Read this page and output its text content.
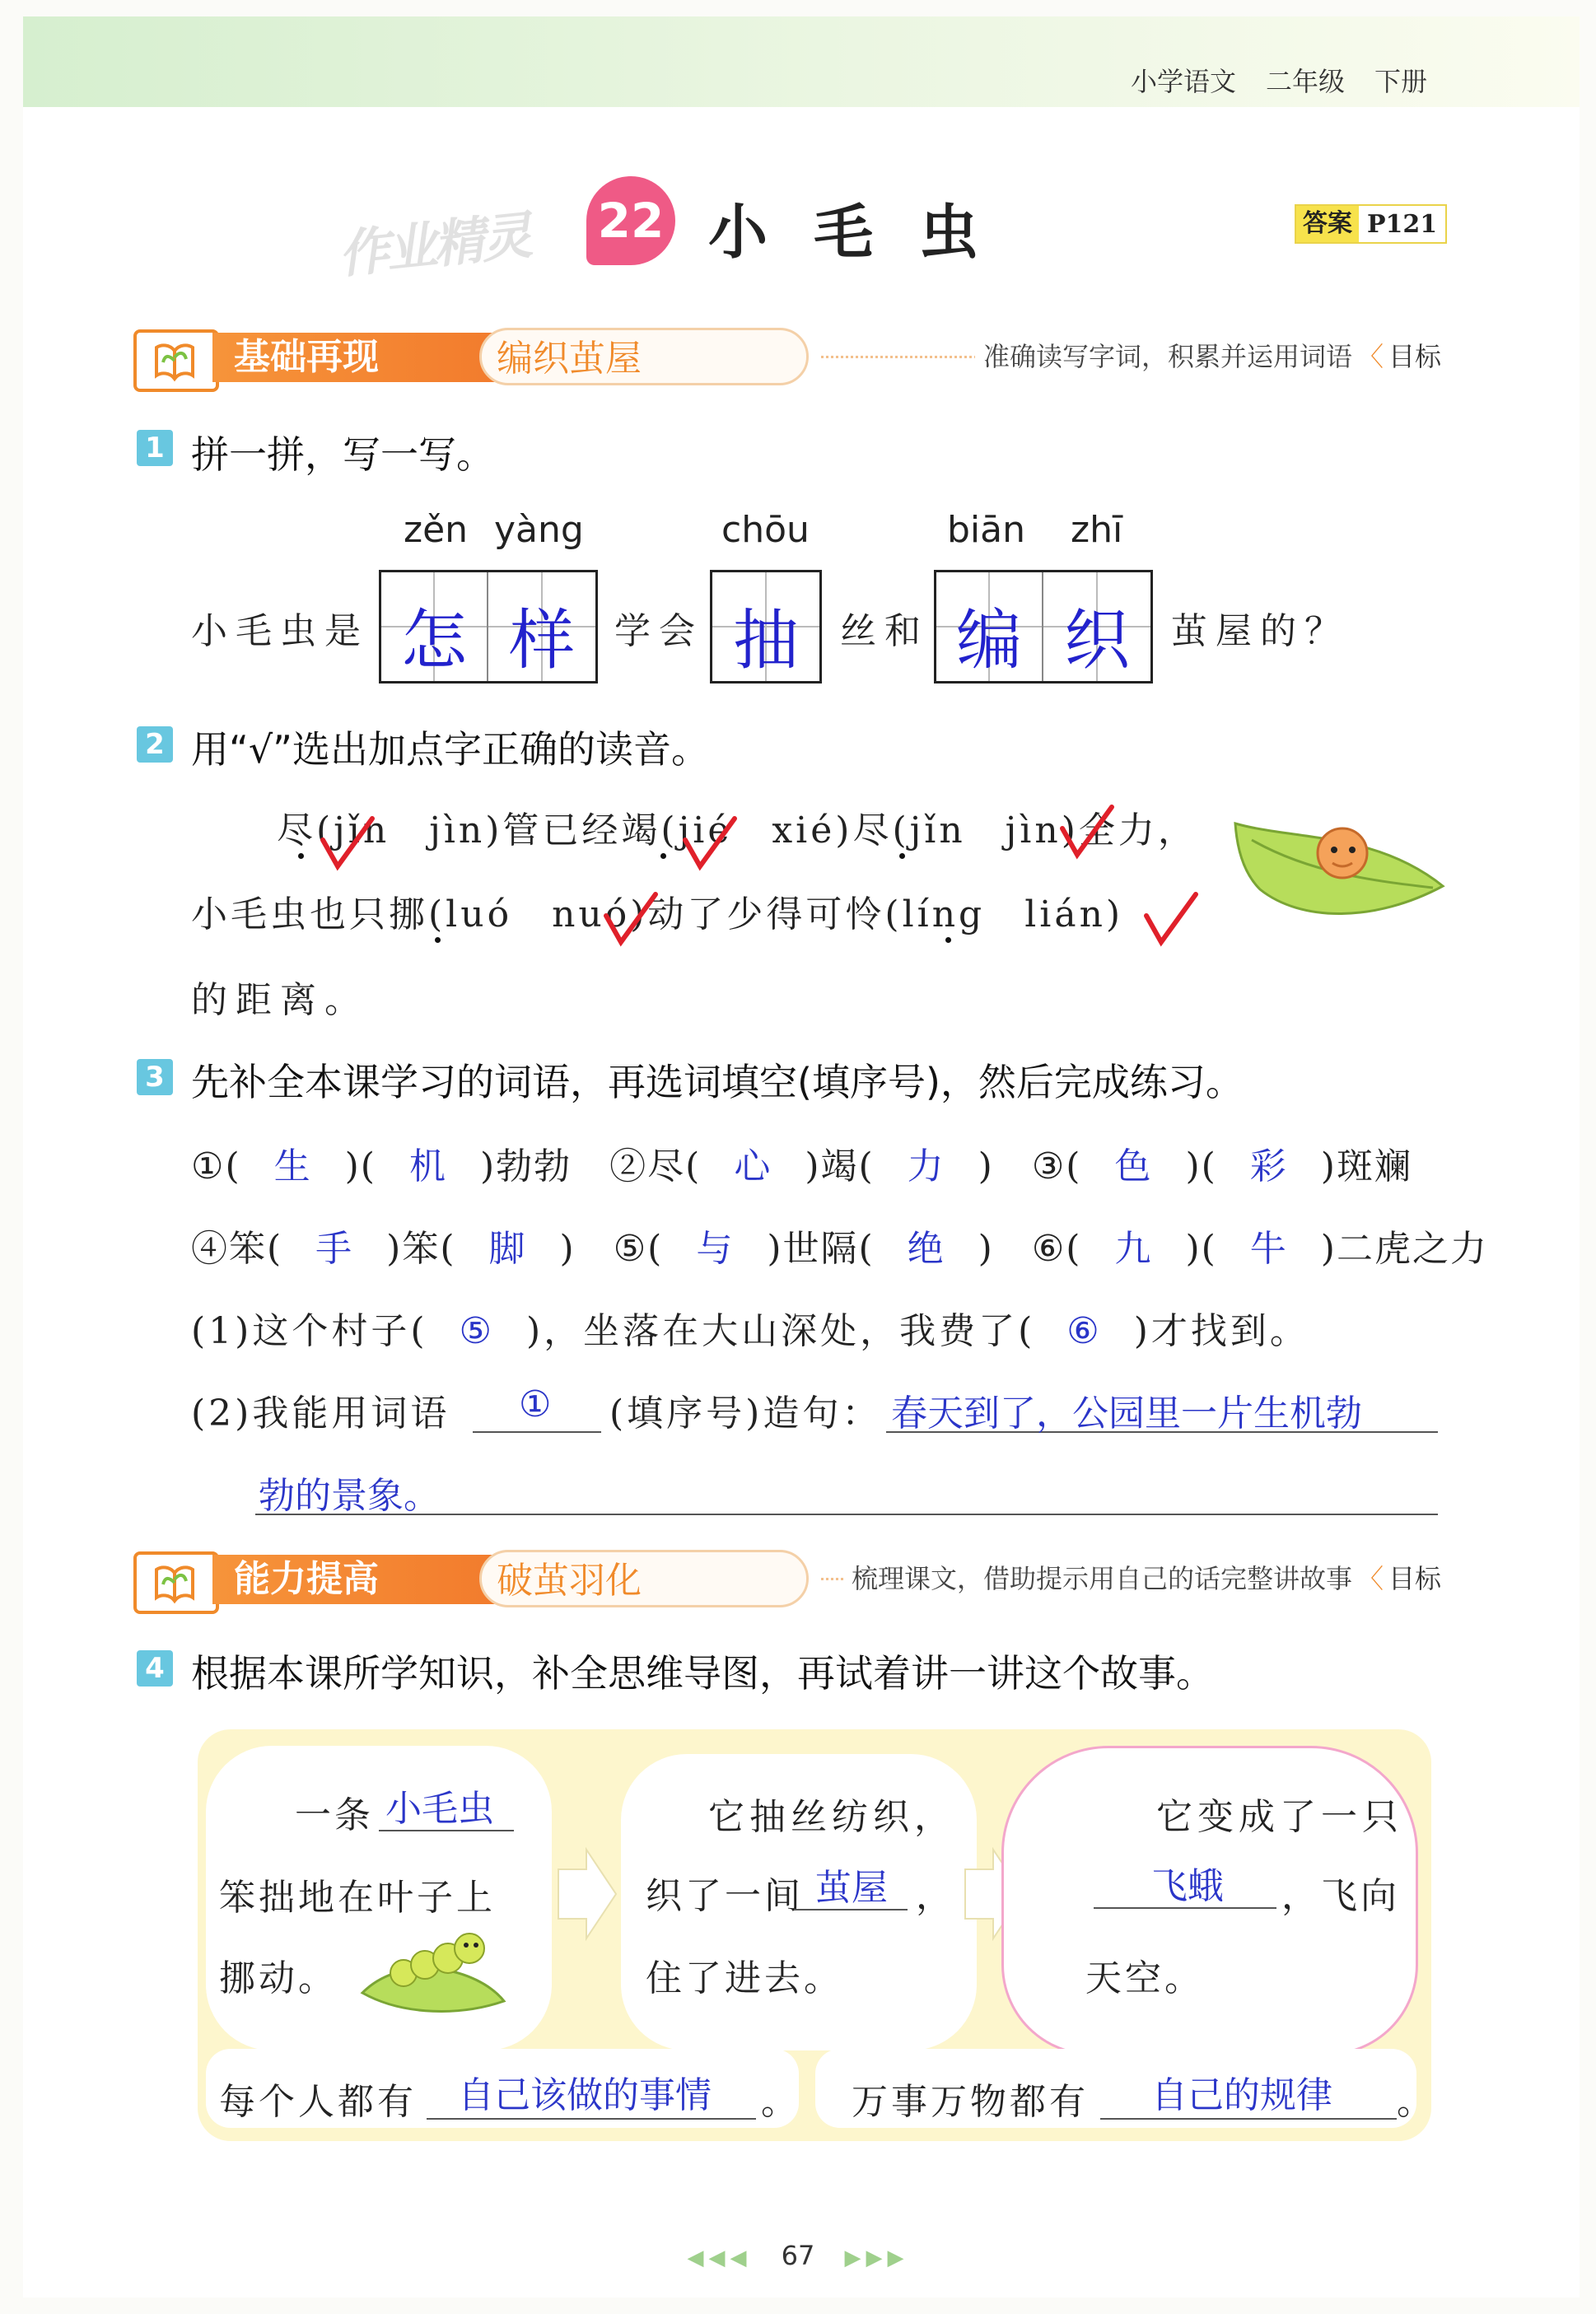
小学语文 二年级 下册
作业精灵 22 小毛虫	答案 P121
基础再现	编织茧屋	准确读写字词，积累并运用词语 〈 目标
1 拼一拼，写一写。
zěn yàng	chōu	biān zhī
小毛虫是 怎 样	学会 抽	丝和 编 织	茧屋的？
2 用“√”选出加点字正确的读音。
尽(jǐn　jìn)管已经竭(jié　xié)尽(jǐn　jìn)全力，
小毛虫也只挪(luó　nuó)动了少得可怜(líng　lián)
的距离。
3 先补全本课学习的词语，再选词填空(填序号)，然后完成练习。
①( 生 )( 机 )勃勃 ②尽( 心 )竭( 力 ) ③( 色 )( 彩 )斑斓
④笨( 手 )笨( 脚 ) ⑤( 与 )世隔( 绝 ) ⑥( 九 )( 牛 )二虎之力
(1)这个村子( ⑤ )，坐落在大山深处，我费了( ⑥ )才找到。
(2)我能用词语 ① (填序号)造句： 春天到了，公园里一片生机勃
勃的景象。
能力提高	破茧羽化	梳理课文，借助提示用自己的话完整讲故事 〈 目标
4 根据本课所学知识，补全思维导图，再试着讲一讲这个故事。
一条 小毛虫
笨拙地在叶子上
挪动。
它抽丝纺织，
织了一间 茧屋 ，
住了进去。
它变成了一只
飞蛾 ，飞向
天空。
每个人都有 自己该做的事情 。 万事万物都有 自己的规律 。
◀◀◀ 67 ▶▶▶
